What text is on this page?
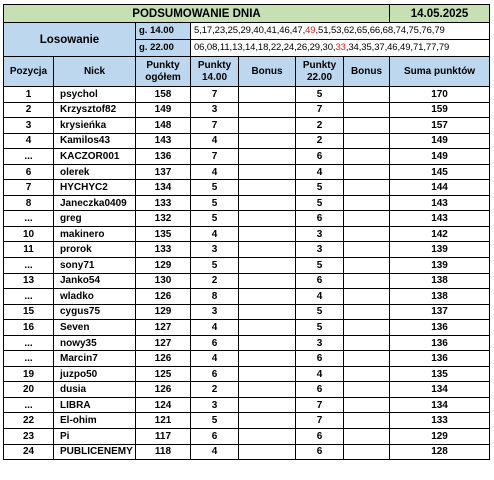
PODSUMOWANIE DNIA							14.05.2025
Losowanie		g. 14.00	5,17,23,25,29,40,41,46,47,49,51,53,62,65,66,68,74,75,76,79				
		g. 22.00	06,08,11,13,14,18,22,24,26,29,30,33,34,35,37,46,49,71,77,79				
Pozycja	Nick	Punkty ogółem	Punkty 14.00	Bonus	Punkty 22.00	Bonus	Suma punktów
1	psychol	158	7		5		170
2	Krzysztof82	149	3		7		159
3	krysieńka	148	7		2		157
4	Kamilos43	143	4		2		149
...	KACZOR001	136	7		6		149
6	olerek	137	4		4		145
7	HYCHYC2	134	5		5		144
8	Janeczka0409	133	5		5		143
...	greg	132	5		6		143
10	makinero	135	4		3		142
11	prorok	133	3		3		139
...	sony71	129	5		5		139
13	Janko54	130	2		6		138
...	wladko	126	8		4		138
15	cygus75	129	3		5		137
16	Seven	127	4		5		136
...	nowy35	127	6		3		136
...	Marcin7	126	4		6		136
19	juzpo50	125	6		4		135
20	dusia	126	2		6		134
...	LIBRA	124	3		7		134
22	El-ohim	121	5		7		133
23	Pi	117	6		6		129
24	PUBLICENEMY	118	4		6		128
